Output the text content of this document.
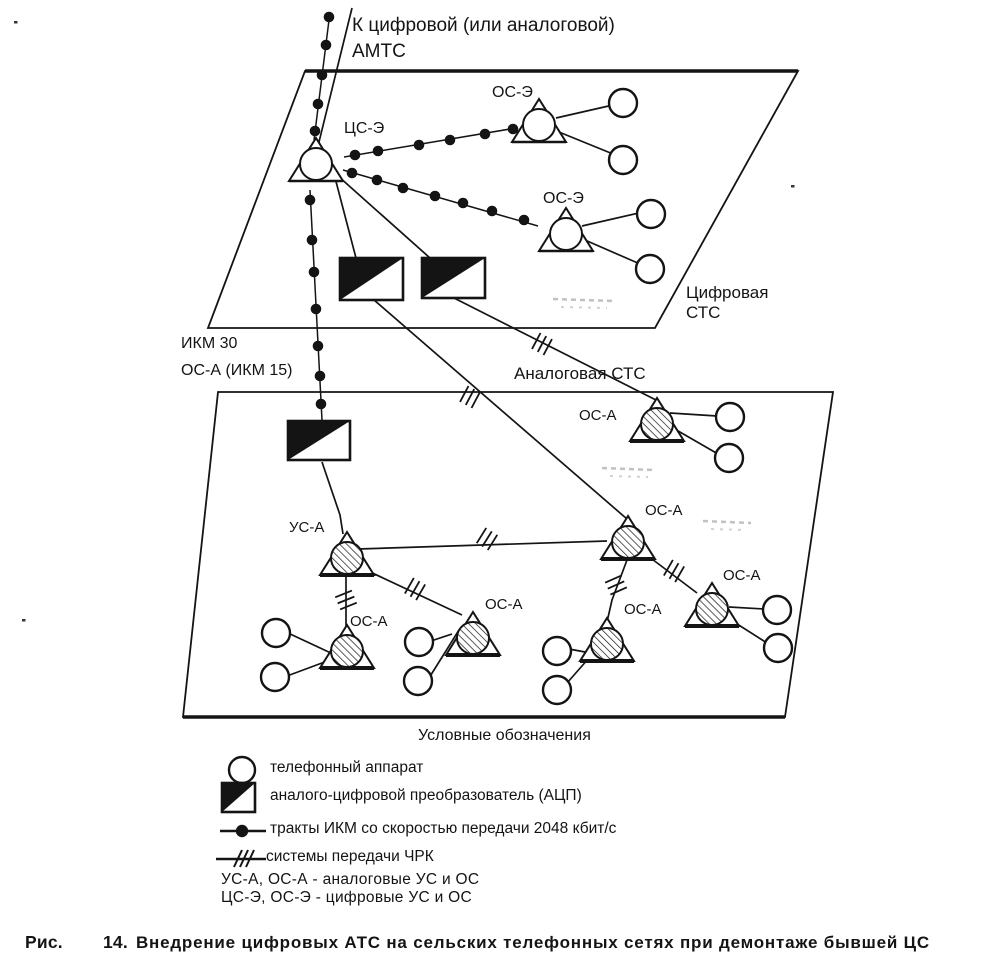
К цифровой (или аналоговой)
АМТС
ЦС-Э
ОС-Э
ОС-Э
Цифровая
СТС
ИКМ 30
ОС-А (ИКМ 15)	Аналоговая СТС
ОС-А
ОС-А
УС-А
ОС-А
ОС-А	ОС-А
ОС-А
Условные обозначения
телефонный аппарат
аналого-цифровой преобразователь (АЦП)
тракты ИКМ со скоростью передачи 2048 кбит/с
системы передачи ЧРК
УС-А, ОС-А - аналоговые УС и ОС
ЦС-Э, ОС-Э - цифровые УС и ОС
Рис. 14. Внедрение цифровых АТС на сельских телефонных сетях при демонтаже бывшей ЦС
